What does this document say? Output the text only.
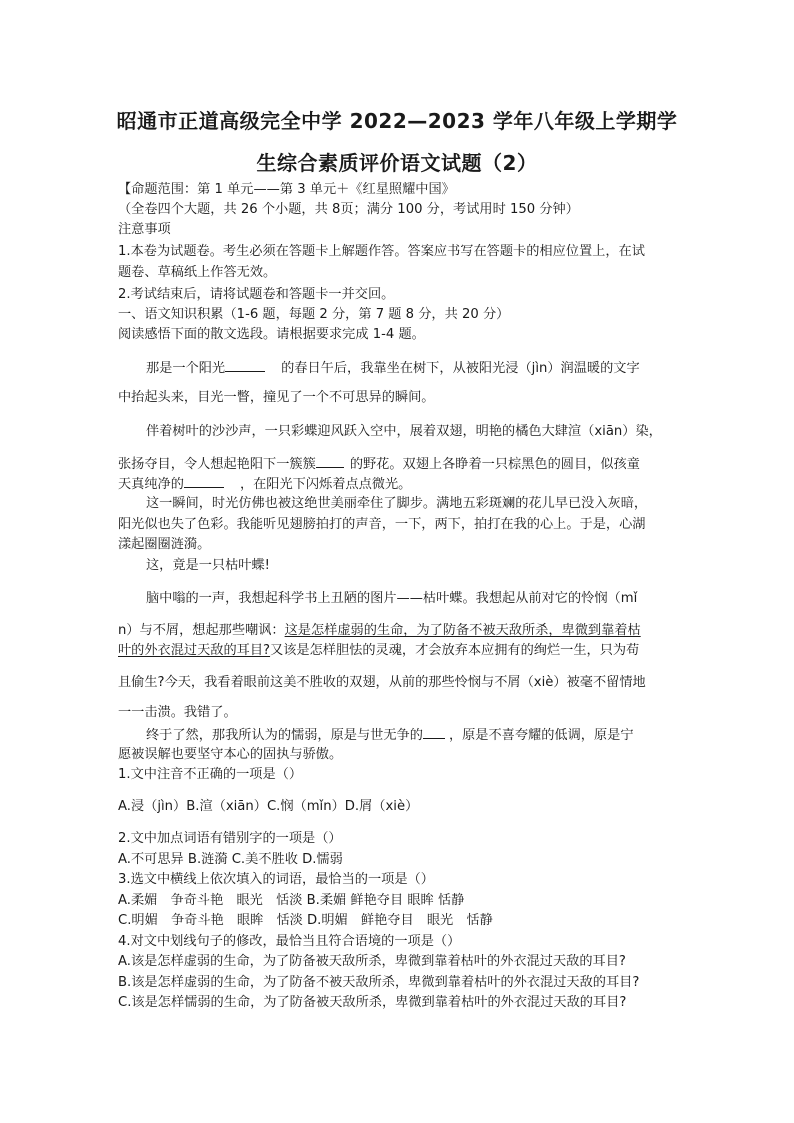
昭通市正道高级完全中学 2022—2023 学年八年级上学期学
生综合素质评价语文试题（2）
【命题范围：第 1 单元——第 3 单元＋《红星照耀中国》
（全卷四个大题，共 26 个小题，共 8页；满分 100 分，考试用时 150 分钟）
注意事项
1.本卷为试题卷。考生必须在答题卡上解题作答。答案应书写在答题卡的相应位置上，在试
题卷、草稿纸上作答无效。
2.考试结束后，请将试题卷和答题卡一并交回。
一、语文知识积累（1-6 题，每题 2 分，第 7 题 8 分，共 20 分）
阅读感悟下面的散文选段。请根据要求完成 1-4 题。
那是一个阳光	的春日午后，我靠坐在树下，从被阳光浸（jìn）润温暖的文字
中抬起头来，目光一瞥，撞见了一个不可思异的瞬间。
伴着树叶的沙沙声，一只彩蝶迎风跃入空中，展着双翅，明艳的橘色大肆渲（xiān）染，
张扬夺目，令人想起艳阳下一簇簇	的野花。双翅上各睁着一只棕黑色的圆目，似孩童
天真纯净的	，在阳光下闪烁着点点微光。
这一瞬间，时光仿佛也被这绝世美丽牵住了脚步。满地五彩斑斓的花儿早已没入灰暗，
阳光似也失了色彩。我能听见翅膀拍打的声音，一下，两下，拍打在我的心上。于是，心湖
漾起圈圈涟漪。
这，竟是一只枯叶蝶!
脑中嗡的一声，我想起科学书上丑陋的图片——枯叶蝶。我想起从前对它的怜悯（mǐ
n）与不屑，想起那些嘲讽：这是怎样虚弱的生命，为了防备不被天敌所杀，卑微到靠着枯
叶的外衣混过天敌的耳目?又该是怎样胆怯的灵魂，才会放弃本应拥有的绚烂一生，只为苟
且偷生?今天，我看着眼前这美不胜收的双翅，从前的那些怜悯与不屑（xiè）被毫不留情地
一一击溃。我错了。
终于了然，那我所认为的懦弱，原是与世无争的 ，原是不喜夸耀的低调，原是宁
愿被误解也要坚守本心的固执与骄傲。
1.文中注音不正确的一项是（）
A.浸（jìn）B.渲（xiān）C.悯（mǐn）D.屑（xiè）
2.文中加点词语有错别字的一项是（）
A.不可思异 B.涟漪 C.美不胜收 D.懦弱
3.选文中横线上依次填入的词语，最恰当的一项是（）
A.柔媚　争奇斗艳　眼光　恬淡 B.柔媚 鲜艳夺目 眼眸 恬静
C.明媚　争奇斗艳　眼眸　恬淡 D.明媚　鲜艳夺目　眼光　恬静
4.对文中划线句子的修改，最恰当且符合语境的一项是（）
A.该是怎样虚弱的生命，为了防备被天敌所杀，卑微到靠着枯叶的外衣混过天敌的耳目?
B.该是怎样虚弱的生命，为了防备不被天敌所杀，卑微到靠着枯叶的外衣混过天敌的耳目?
C.该是怎样懦弱的生命，为了防备被天敌所杀，卑微到靠着枯叶的外衣混过天敌的耳目?
